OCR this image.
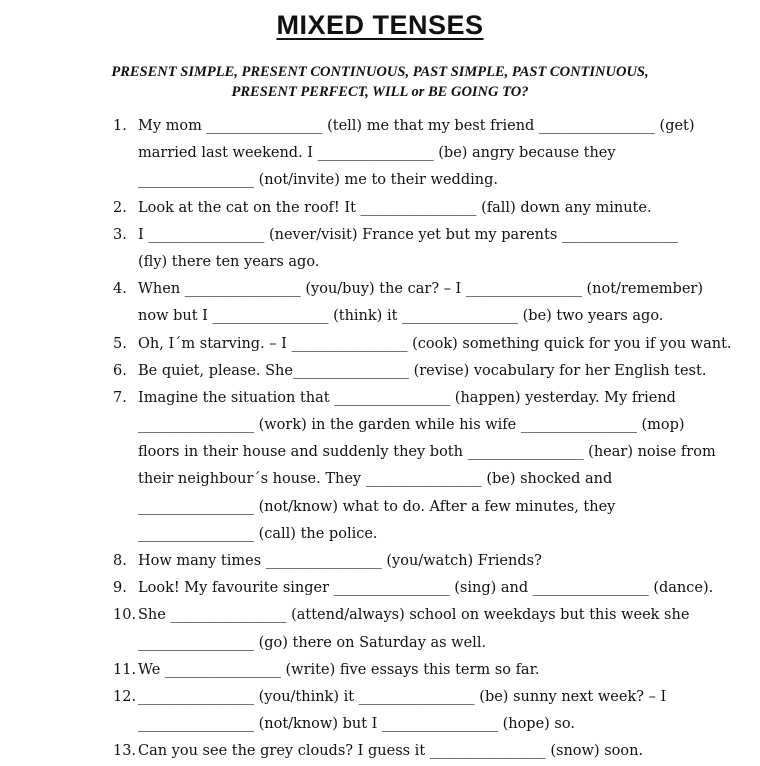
MIXED TENSES
PRESENT SIMPLE, PRESENT CONTINUOUS, PAST SIMPLE, PAST CONTINUOUS,
PRESENT PERFECT, WILL or BE GOING TO?
1. My mom ________________ (tell) me that my best friend ________________ (get)
married last weekend. I ________________ (be) angry because they
________________ (not/invite) me to their wedding.
2. Look at the cat on the roof! It ________________ (fall) down any minute.
3. I ________________ (never/visit) France yet but my parents ________________
(fly) there ten years ago.
4. When ________________ (you/buy) the car? – I ________________ (not/remember)
now but I ________________ (think) it ________________ (be) two years ago.
5. Oh, I´m starving. – I ________________ (cook) something quick for you if you want.
6. Be quiet, please. She________________ (revise) vocabulary for her English test.
7. Imagine the situation that ________________ (happen) yesterday. My friend
________________ (work) in the garden while his wife ________________ (mop)
floors in their house and suddenly they both ________________ (hear) noise from
their neighbour´s house. They ________________ (be) shocked and
________________ (not/know) what to do. After a few minutes, they
________________ (call) the police.
8. How many times ________________ (you/watch) Friends?
9. Look! My favourite singer ________________ (sing) and ________________ (dance).
10. She ________________ (attend/always) school on weekdays but this week she
________________ (go) there on Saturday as well.
11. We ________________ (write) five essays this term so far.
12. ________________ (you/think) it ________________ (be) sunny next week? – I
________________ (not/know) but I ________________ (hope) so.
13. Can you see the grey clouds? I guess it ________________ (snow) soon.
